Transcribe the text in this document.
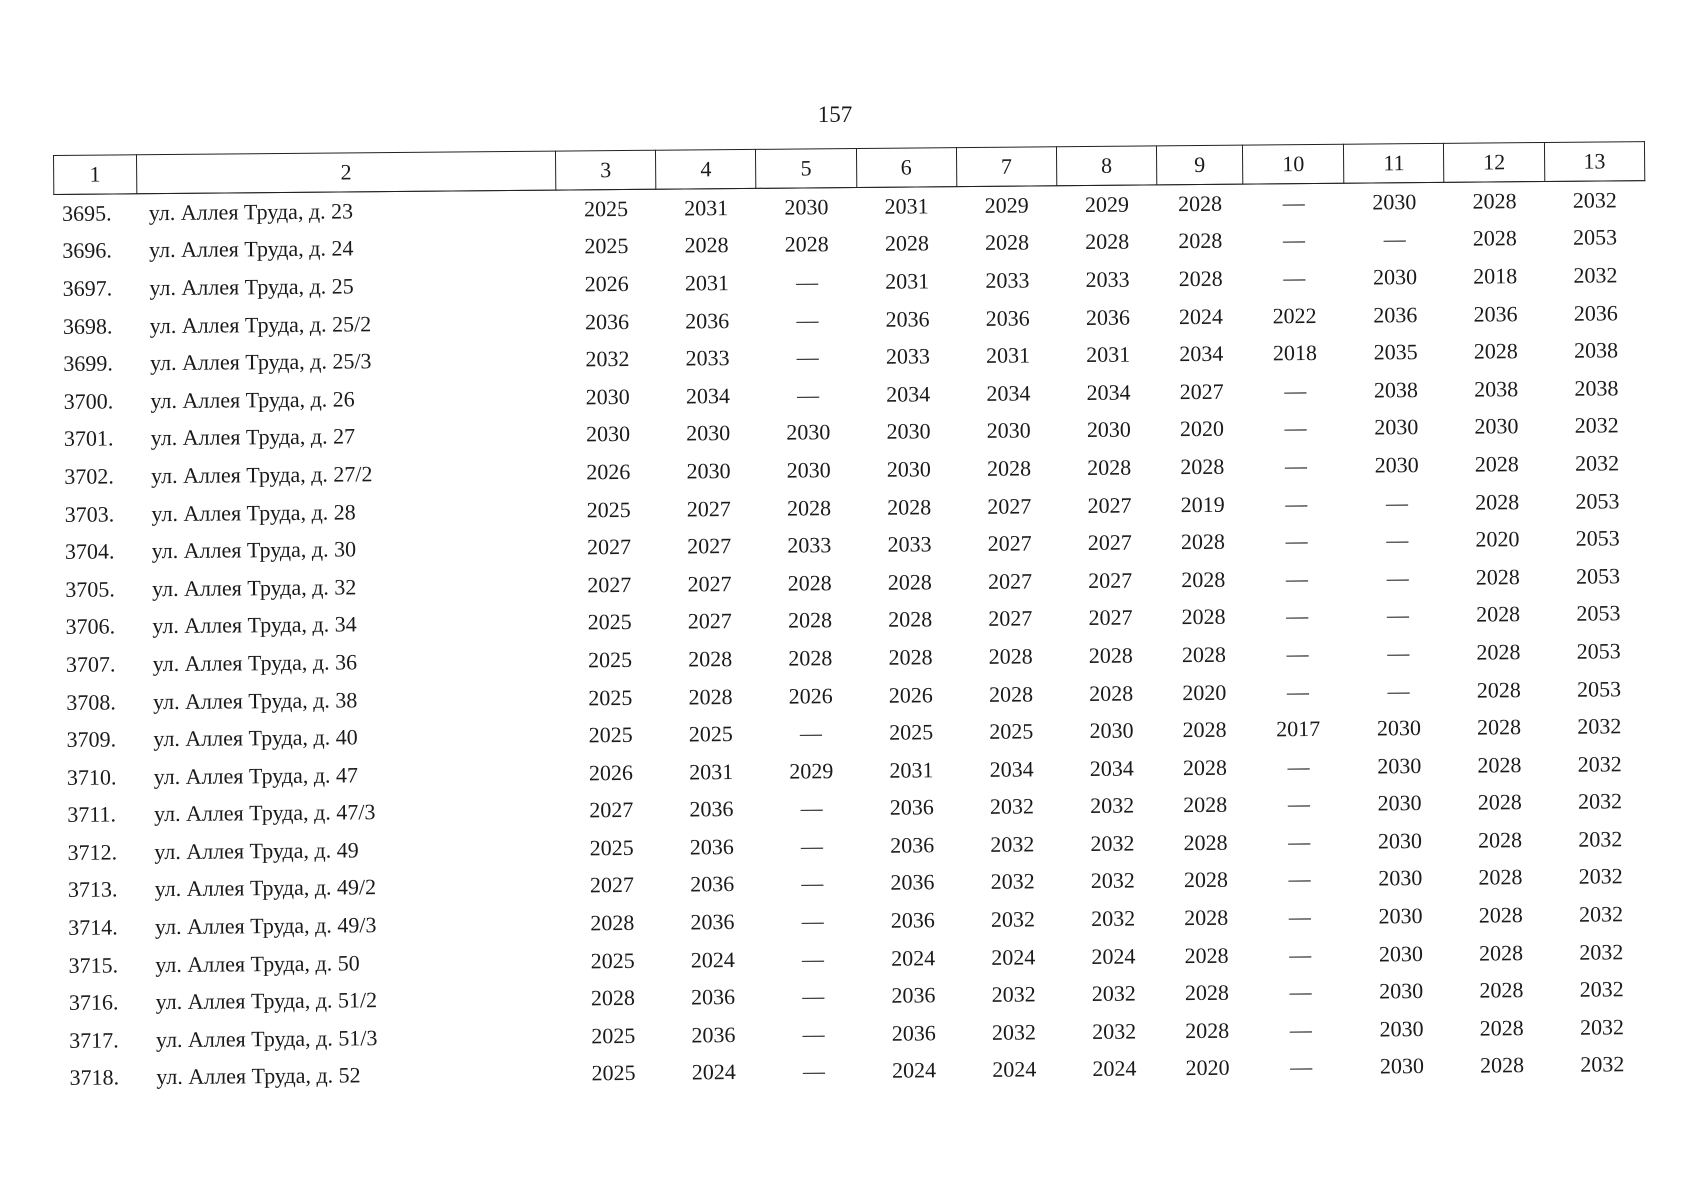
157
1	2	3	4	5	6	7	8	9	10	11	12	13
3695.	ул. Аллея Труда, д. 23	2025	2031	2030	2031	2029	2029	2028	—	2030	2028	2032
3696.	ул. Аллея Труда, д. 24	2025	2028	2028	2028	2028	2028	2028	—	—	2028	2053
3697.	ул. Аллея Труда, д. 25	2026	2031	—	2031	2033	2033	2028	—	2030	2018	2032
3698.	ул. Аллея Труда, д. 25/2	2036	2036	—	2036	2036	2036	2024	2022	2036	2036	2036
3699.	ул. Аллея Труда, д. 25/3	2032	2033	—	2033	2031	2031	2034	2018	2035	2028	2038
3700.	ул. Аллея Труда, д. 26	2030	2034	—	2034	2034	2034	2027	—	2038	2038	2038
3701.	ул. Аллея Труда, д. 27	2030	2030	2030	2030	2030	2030	2020	—	2030	2030	2032
3702.	ул. Аллея Труда, д. 27/2	2026	2030	2030	2030	2028	2028	2028	—	2030	2028	2032
3703.	ул. Аллея Труда, д. 28	2025	2027	2028	2028	2027	2027	2019	—	—	2028	2053
3704.	ул. Аллея Труда, д. 30	2027	2027	2033	2033	2027	2027	2028	—	—	2020	2053
3705.	ул. Аллея Труда, д. 32	2027	2027	2028	2028	2027	2027	2028	—	—	2028	2053
3706.	ул. Аллея Труда, д. 34	2025	2027	2028	2028	2027	2027	2028	—	—	2028	2053
3707.	ул. Аллея Труда, д. 36	2025	2028	2028	2028	2028	2028	2028	—	—	2028	2053
3708.	ул. Аллея Труда, д. 38	2025	2028	2026	2026	2028	2028	2020	—	—	2028	2053
3709.	ул. Аллея Труда, д. 40	2025	2025	—	2025	2025	2030	2028	2017	2030	2028	2032
3710.	ул. Аллея Труда, д. 47	2026	2031	2029	2031	2034	2034	2028	—	2030	2028	2032
3711.	ул. Аллея Труда, д. 47/3	2027	2036	—	2036	2032	2032	2028	—	2030	2028	2032
3712.	ул. Аллея Труда, д. 49	2025	2036	—	2036	2032	2032	2028	—	2030	2028	2032
3713.	ул. Аллея Труда, д. 49/2	2027	2036	—	2036	2032	2032	2028	—	2030	2028	2032
3714.	ул. Аллея Труда, д. 49/3	2028	2036	—	2036	2032	2032	2028	—	2030	2028	2032
3715.	ул. Аллея Труда, д. 50	2025	2024	—	2024	2024	2024	2028	—	2030	2028	2032
3716.	ул. Аллея Труда, д. 51/2	2028	2036	—	2036	2032	2032	2028	—	2030	2028	2032
3717.	ул. Аллея Труда, д. 51/3	2025	2036	—	2036	2032	2032	2028	—	2030	2028	2032
3718.	ул. Аллея Труда, д. 52	2025	2024	—	2024	2024	2024	2020	—	2030	2028	2032
